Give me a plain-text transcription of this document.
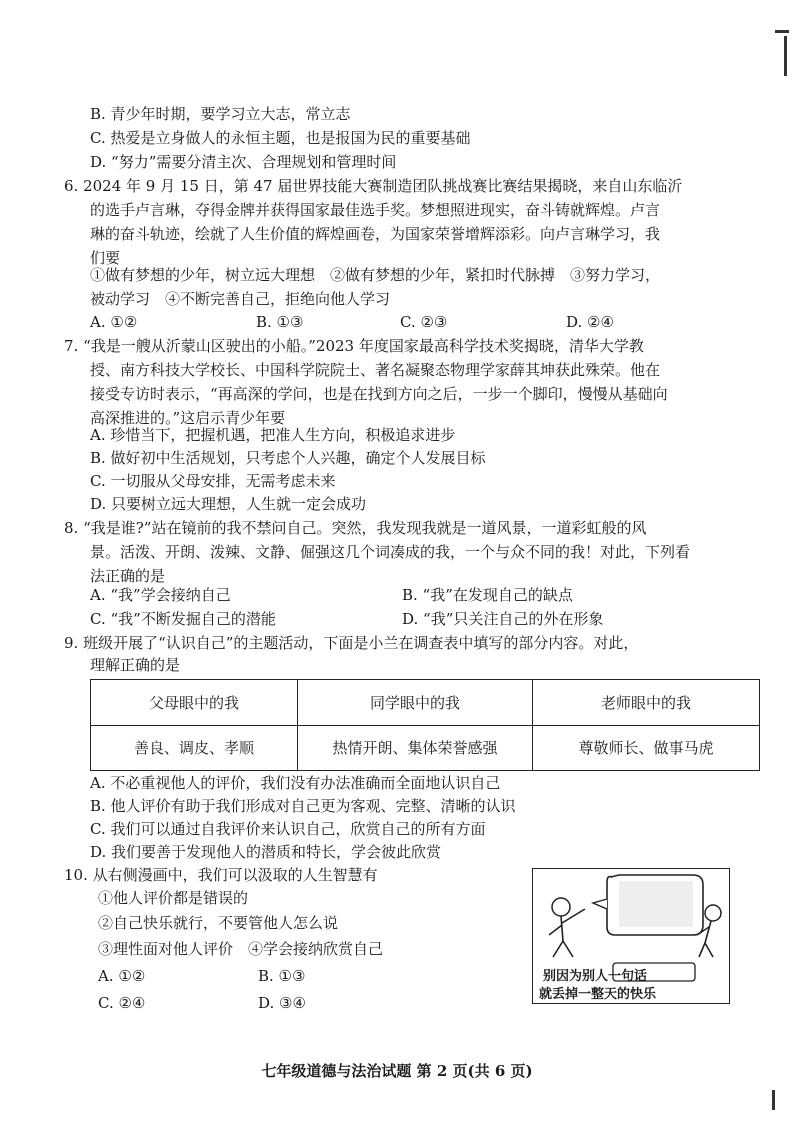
B. 青少年时期，要学习立大志，常立志
C. 热爱是立身做人的永恒主题，也是报国为民的重要基础
D. “努力”需要分清主次、合理规划和管理时间
6. 2024 年 9 月 15 日，第 47 届世界技能大赛制造团队挑战赛比赛结果揭晓，来自山东临沂
的选手卢言琳，夺得金牌并获得国家最佳选手奖。梦想照进现实，奋斗铸就辉煌。卢言
琳的奋斗轨迹，绘就了人生价值的辉煌画卷，为国家荣誉增辉添彩。向卢言琳学习，我
们要
①做有梦想的少年，树立远大理想　②做有梦想的少年，紧扣时代脉搏　③努力学习，
被动学习　④不断完善自己，拒绝向他人学习
A. ①②	B. ①③	C. ②③	D. ②④
7. “我是一艘从沂蒙山区驶出的小船。”2023 年度国家最高科学技术奖揭晓，清华大学教
授、南方科技大学校长、中国科学院院士、著名凝聚态物理学家薛其坤获此殊荣。他在
接受专访时表示，“再高深的学问，也是在找到方向之后，一步一个脚印，慢慢从基础向
高深推进的。”这启示青少年要
A. 珍惜当下，把握机遇，把准人生方向，积极追求进步
B. 做好初中生活规划，只考虑个人兴趣，确定个人发展目标
C. 一切服从父母安排，无需考虑未来
D. 只要树立远大理想，人生就一定会成功
8. “我是谁?”站在镜前的我不禁问自己。突然，我发现我就是一道风景，一道彩虹般的风
景。活泼、开朗、泼辣、文静、倔强这几个词凑成的我，一个与众不同的我！对此，下列看
法正确的是
A. “我”学会接纳自己	B. “我”在发现自己的缺点
C. “我”不断发掘自己的潜能	D. “我”只关注自己的外在形象
9. 班级开展了“认识自己”的主题活动，下面是小兰在调查表中填写的部分内容。对此，
理解正确的是
父母眼中的我	同学眼中的我	老师眼中的我
善良、调皮、孝顺	热情开朗、集体荣誉感强	尊敬师长、做事马虎
A. 不必重视他人的评价，我们没有办法准确而全面地认识自己
B. 他人评价有助于我们形成对自己更为客观、完整、清晰的认识
C. 我们可以通过自我评价来认识自己，欣赏自己的所有方面
D. 我们要善于发现他人的潜质和特长，学会彼此欣赏
10. 从右侧漫画中，我们可以汲取的人生智慧有
①他人评价都是错误的
②自己快乐就行，不要管他人怎么说
③理性面对他人评价　④学会接纳欣赏自己
A. ①②	B. ①③
C. ②④	D. ③④
别因为别人一句话
就丢掉一整天的快乐
七年级道德与法治试题 第 2 页(共 6 页)
